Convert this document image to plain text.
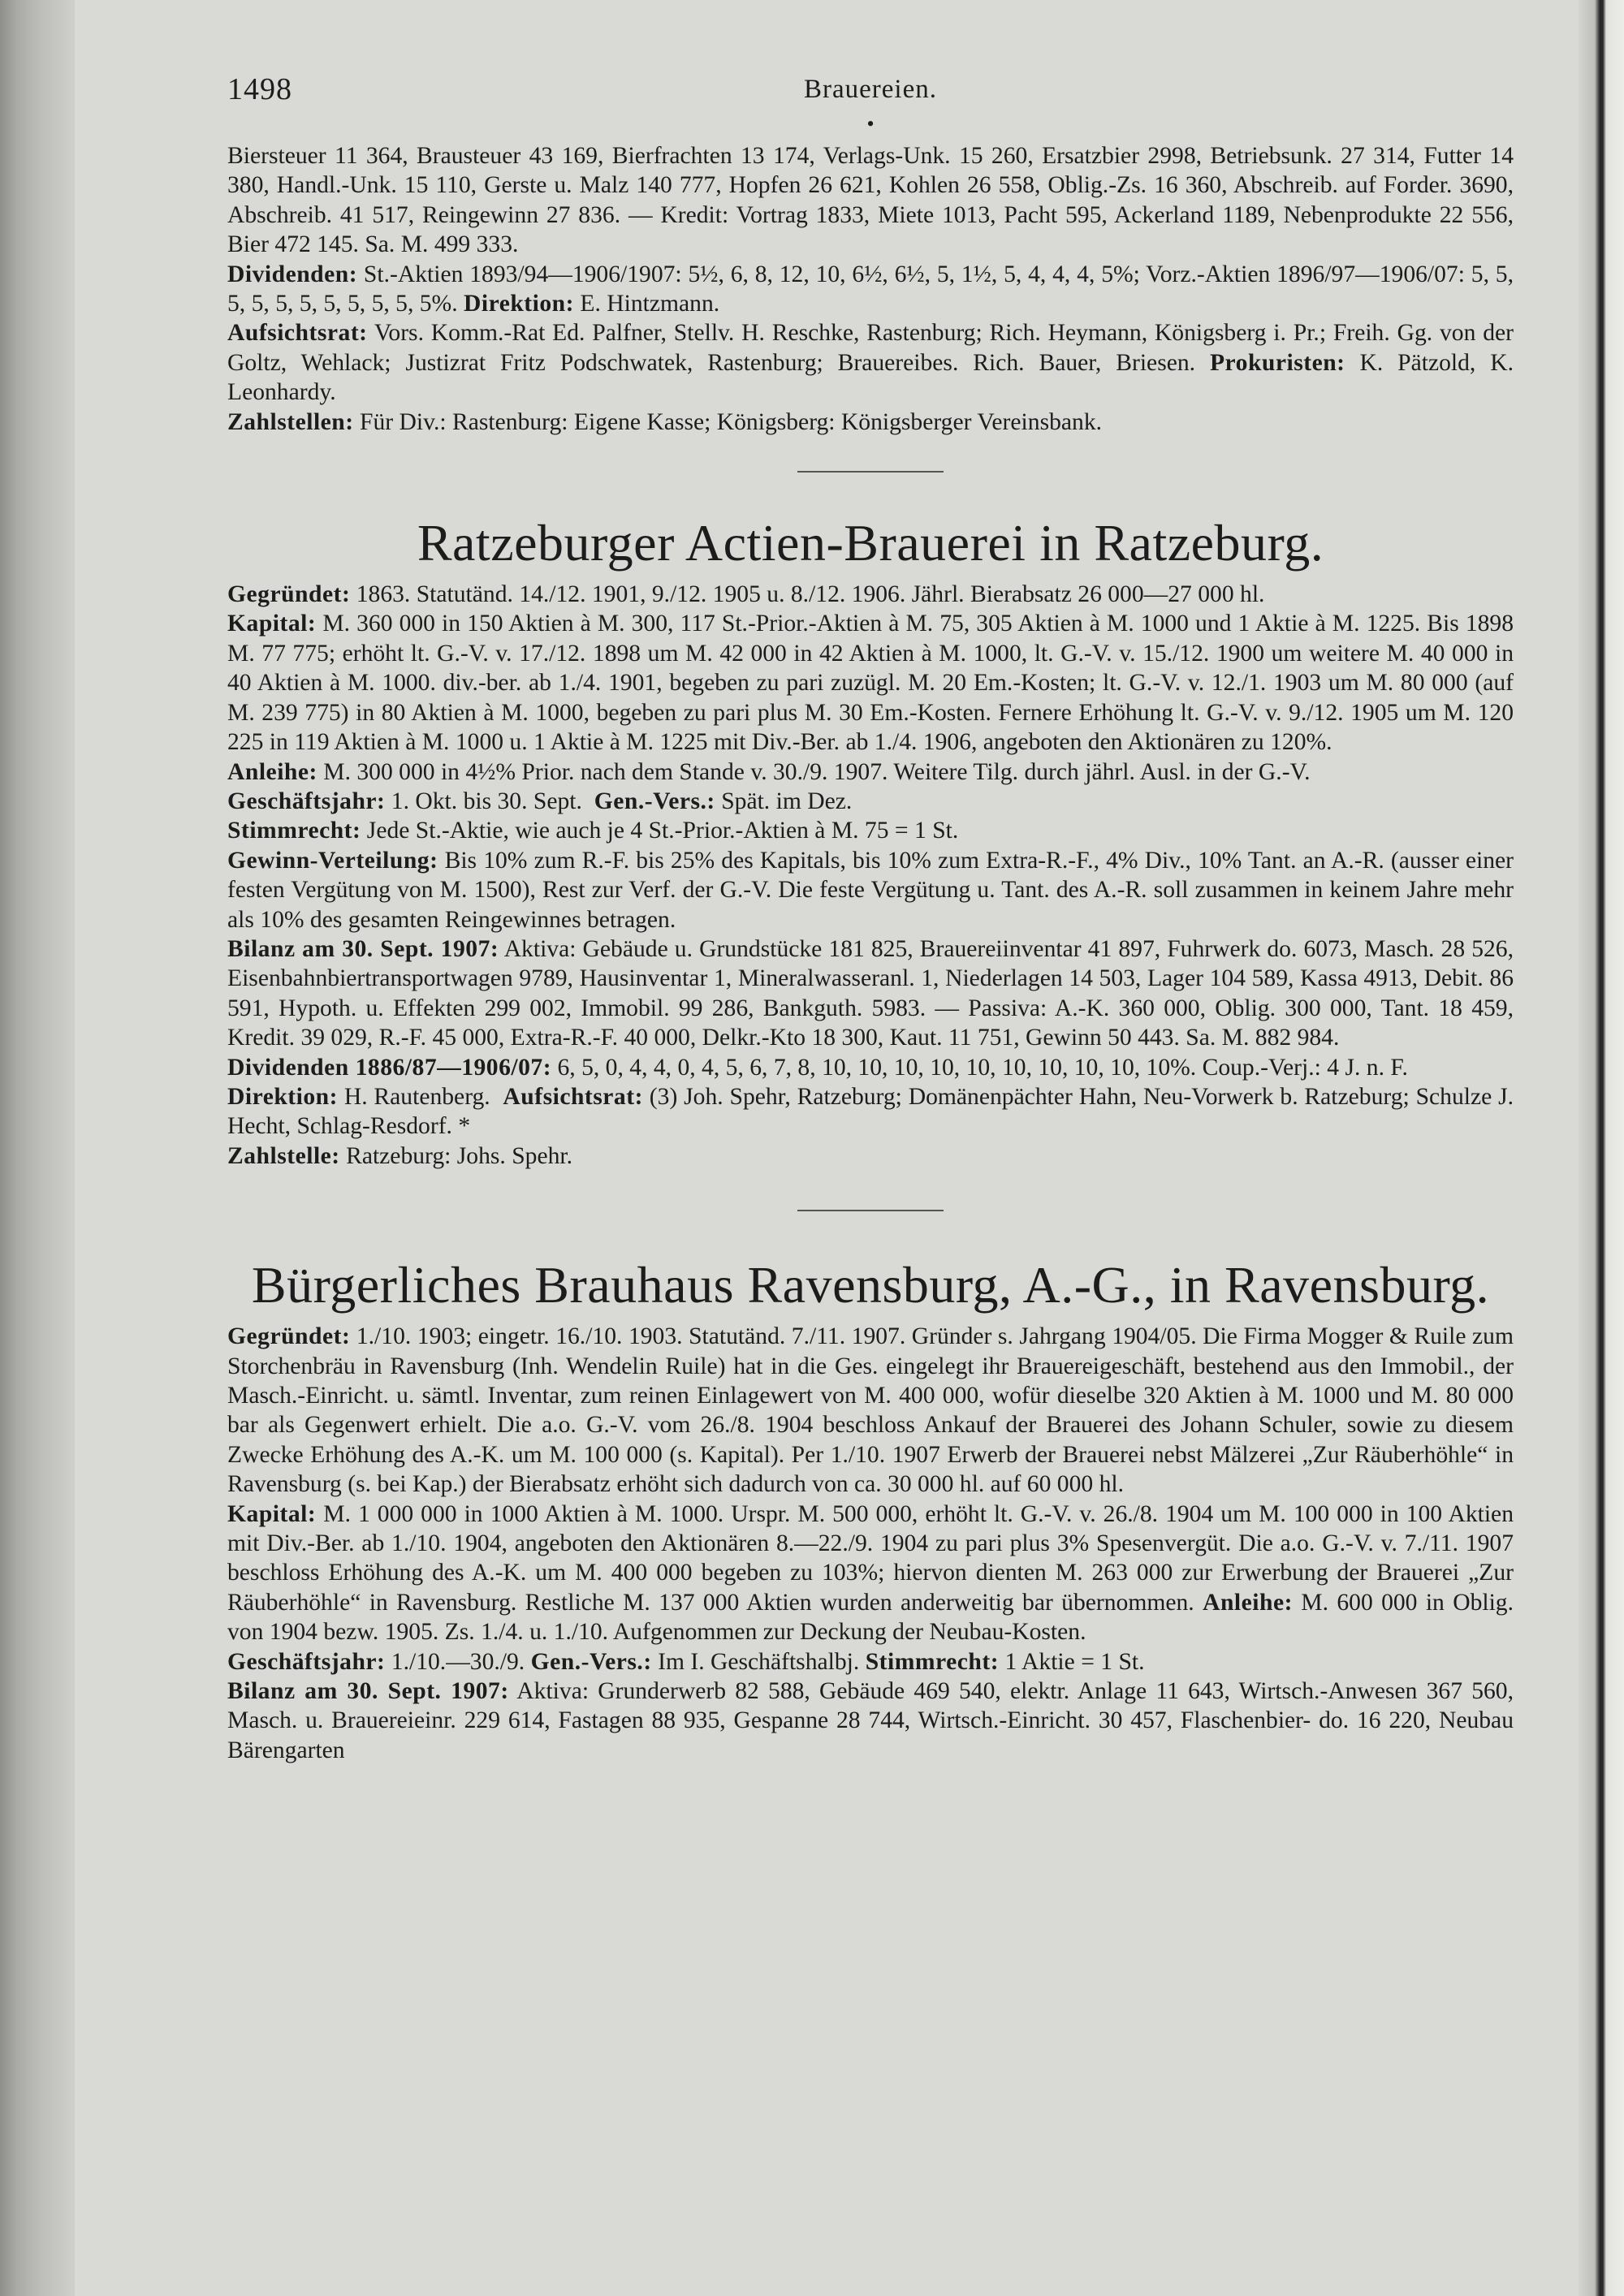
1498	Brauereien.
•

Biersteuer 11 364, Brausteuer 43 169, Bierfrachten 13 174, Verlags-Unk. 15 260, Ersatzbier 2998, Betriebsunk. 27 314, Futter 14 380, Handl.-Unk. 15 110, Gerste u. Malz 140 777, Hopfen 26 621, Kohlen 26 558, Oblig.-Zs. 16 360, Abschreib. auf Forder. 3690, Abschreib. 41 517, Reingewinn 27 836. — Kredit: Vortrag 1833, Miete 1013, Pacht 595, Ackerland 1189, Nebenprodukte 22 556, Bier 472 145. Sa. M. 499 333.

Dividenden: St.-Aktien 1893/94—1906/1907: 5½, 6, 8, 12, 10, 6½, 6½, 5, 1½, 5, 4, 4, 4, 5%; Vorz.-Aktien 1896/97—1906/07: 5, 5, 5, 5, 5, 5, 5, 5, 5, 5, 5%. Direktion: E. Hintzmann.

Aufsichtsrat: Vors. Komm.-Rat Ed. Palfner, Stellv. H. Reschke, Rastenburg; Rich. Heymann, Königsberg i. Pr.; Freih. Gg. von der Goltz, Wehlack; Justizrat Fritz Podschwatek, Rastenburg; Brauereibes. Rich. Bauer, Briesen. Prokuristen: K. Pätzold, K. Leonhardy.

Zahlstellen: Für Div.: Rastenburg: Eigene Kasse; Königsberg: Königsberger Vereinsbank.

Ratzeburger Actien-Brauerei in Ratzeburg.

Gegründet: 1863. Statutänd. 14./12. 1901, 9./12. 1905 u. 8./12. 1906. Jährl. Bierabsatz 26 000—27 000 hl.

Kapital: M. 360 000 in 150 Aktien à M. 300, 117 St.-Prior.-Aktien à M. 75, 305 Aktien à M. 1000 und 1 Aktie à M. 1225. Bis 1898 M. 77 775; erhöht lt. G.-V. v. 17./12. 1898 um M. 42 000 in 42 Aktien à M. 1000, lt. G.-V. v. 15./12. 1900 um weitere M. 40 000 in 40 Aktien à M. 1000. div.-ber. ab 1./4. 1901, begeben zu pari zuzügl. M. 20 Em.-Kosten; lt. G.-V. v. 12./1. 1903 um M. 80 000 (auf M. 239 775) in 80 Aktien à M. 1000, begeben zu pari plus M. 30 Em.-Kosten. Fernere Erhöhung lt. G.-V. v. 9./12. 1905 um M. 120 225 in 119 Aktien à M. 1000 u. 1 Aktie à M. 1225 mit Div.-Ber. ab 1./4. 1906, angeboten den Aktionären zu 120%.

Anleihe: M. 300 000 in 4½% Prior. nach dem Stande v. 30./9. 1907. Weitere Tilg. durch jährl. Ausl. in der G.-V.

Geschäftsjahr: 1. Okt. bis 30. Sept. Gen.-Vers.: Spät. im Dez.

Stimmrecht: Jede St.-Aktie, wie auch je 4 St.-Prior.-Aktien à M. 75 = 1 St.

Gewinn-Verteilung: Bis 10% zum R.-F. bis 25% des Kapitals, bis 10% zum Extra-R.-F., 4% Div., 10% Tant. an A.-R. (ausser einer festen Vergütung von M. 1500), Rest zur Verf. der G.-V. Die feste Vergütung u. Tant. des A.-R. soll zusammen in keinem Jahre mehr als 10% des gesamten Reingewinnes betragen.

Bilanz am 30. Sept. 1907: Aktiva: Gebäude u. Grundstücke 181 825, Brauereiinventar 41 897, Fuhrwerk do. 6073, Masch. 28 526, Eisenbahnbiertransportwagen 9789, Hausinventar 1, Mineralwasseranl. 1, Niederlagen 14 503, Lager 104 589, Kassa 4913, Debit. 86 591, Hypoth. u. Effekten 299 002, Immobil. 99 286, Bankguth. 5983. — Passiva: A.-K. 360 000, Oblig. 300 000, Tant. 18 459, Kredit. 39 029, R.-F. 45 000, Extra-R.-F. 40 000, Delkr.-Kto 18 300, Kaut. 11 751, Gewinn 50 443. Sa. M. 882 984.

Dividenden 1886/87—1906/07: 6, 5, 0, 4, 4, 0, 4, 5, 6, 7, 8, 10, 10, 10, 10, 10, 10, 10, 10, 10, 10%. Coup.-Verj.: 4 J. n. F.

Direktion: H. Rautenberg. Aufsichtsrat: (3) Joh. Spehr, Ratzeburg; Domänenpächter Hahn, Neu-Vorwerk b. Ratzeburg; Schulze J. Hecht, Schlag-Resdorf. *

Zahlstelle: Ratzeburg: Johs. Spehr.

Bürgerliches Brauhaus Ravensburg, A.-G., in Ravensburg.

Gegründet: 1./10. 1903; eingetr. 16./10. 1903. Statutänd. 7./11. 1907. Gründer s. Jahrgang 1904/05. Die Firma Mogger & Ruile zum Storchenbräu in Ravensburg (Inh. Wendelin Ruile) hat in die Ges. eingelegt ihr Brauereigeschäft, bestehend aus den Immobil., der Masch.-Einricht. u. sämtl. Inventar, zum reinen Einlagewert von M. 400 000, wofür dieselbe 320 Aktien à M. 1000 und M. 80 000 bar als Gegenwert erhielt. Die a.o. G.-V. vom 26./8. 1904 beschloss Ankauf der Brauerei des Johann Schuler, sowie zu diesem Zwecke Erhöhung des A.-K. um M. 100 000 (s. Kapital). Per 1./10. 1907 Erwerb der Brauerei nebst Mälzerei „Zur Räuberhöhle“ in Ravensburg (s. bei Kap.) der Bierabsatz erhöht sich dadurch von ca. 30 000 hl. auf 60 000 hl.

Kapital: M. 1 000 000 in 1000 Aktien à M. 1000. Urspr. M. 500 000, erhöht lt. G.-V. v. 26./8. 1904 um M. 100 000 in 100 Aktien mit Div.-Ber. ab 1./10. 1904, angeboten den Aktionären 8.—22./9. 1904 zu pari plus 3% Spesenvergüt. Die a.o. G.-V. v. 7./11. 1907 beschloss Erhöhung des A.-K. um M. 400 000 begeben zu 103%; hiervon dienten M. 263 000 zur Erwerbung der Brauerei „Zur Räuberhöhle“ in Ravensburg. Restliche M. 137 000 Aktien wurden anderweitig bar übernommen. Anleihe: M. 600 000 in Oblig. von 1904 bezw. 1905. Zs. 1./4. u. 1./10. Aufgenommen zur Deckung der Neubau-Kosten.

Geschäftsjahr: 1./10.—30./9. Gen.-Vers.: Im I. Geschäftshalbj. Stimmrecht: 1 Aktie = 1 St.

Bilanz am 30. Sept. 1907: Aktiva: Grunderwerb 82 588, Gebäude 469 540, elektr. Anlage 11 643, Wirtsch.-Anwesen 367 560, Masch. u. Brauereieinr. 229 614, Fastagen 88 935, Gespanne 28 744, Wirtsch.-Einricht. 30 457, Flaschenbier- do. 16 220, Neubau Bärengarten
